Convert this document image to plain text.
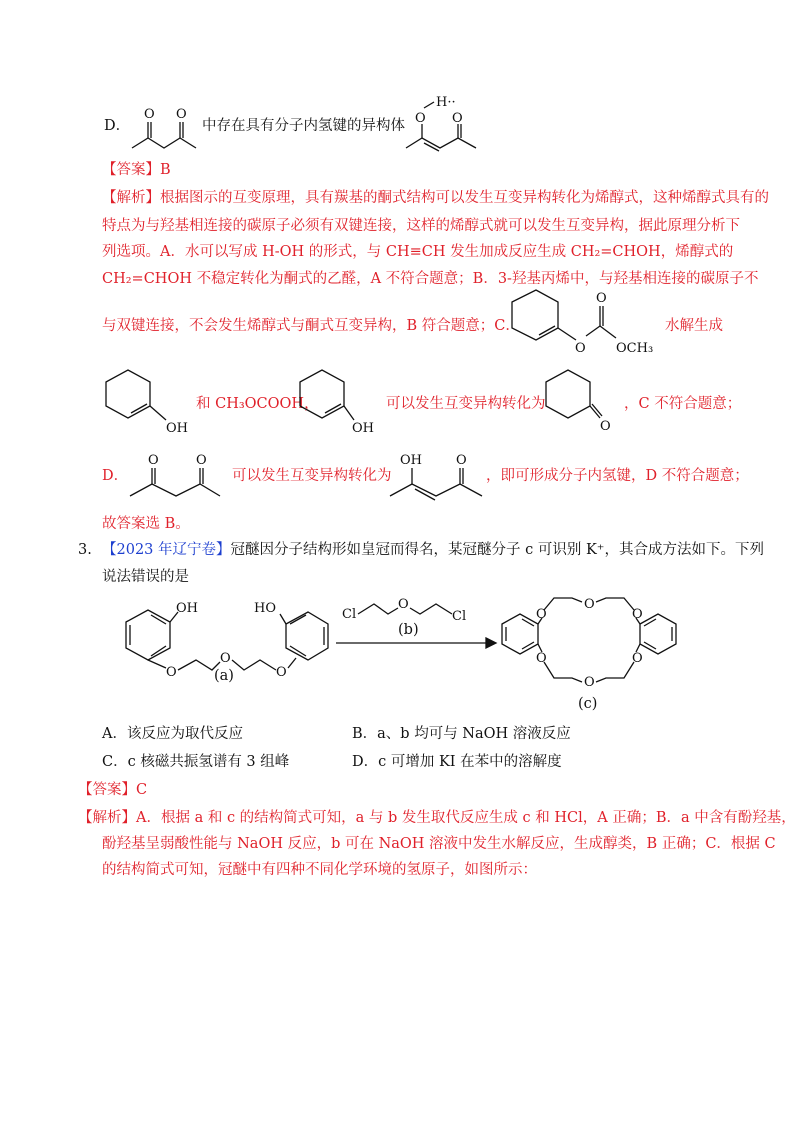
D．
O O
中存在具有分子内氢键的异构体
H··
O O
【答案】B
【解析】根据图示的互变原理，具有羰基的酮式结构可以发生互变异构转化为烯醇式，这种烯醇式具有的
特点为与羟基相连接的碳原子必须有双键连接，这样的烯醇式就可以发生互变异构，据此原理分析下
列选项。A．水可以写成 H-OH 的形式，与 CH≡CH 发生加成反应生成 CH₂=CHOH，烯醇式的
CH₂=CHOH 不稳定转化为酮式的乙醛，A 不符合题意；B．3-羟基丙烯中，与羟基相连接的碳原子不
与双键连接，不会发生烯醇式与酮式互变异构，B 符合题意；C．
O
O
OCH₃
水解生成
OH
和 CH₃OCOOH，
OH
可以发生互变异构转化为
O
，C 不符合题意；
D．
O	O
可以发生互变异构转化为
OH	O
，即可形成分子内氢键，D 不符合题意；
故答案选 B。
3. 【2023 年辽宁卷】冠醚因分子结构形如皇冠而得名，某冠醚分子 c 可识别 K⁺，其合成方法如下。下列
说法错误的是
OH
O
O
O
HO
(a)
Cl
O
Cl
(b)
O
O
O
O
O
O
(c)
A．该反应为取代反应	B．a、b 均可与 NaOH 溶液反应
C．c 核磁共振氢谱有 3 组峰	D．c 可增加 KI 在苯中的溶解度
【答案】C
【解析】A．根据 a 和 c 的结构简式可知，a 与 b 发生取代反应生成 c 和 HCl，A 正确；B．a 中含有酚羟基，
酚羟基呈弱酸性能与 NaOH 反应，b 可在 NaOH 溶液中发生水解反应，生成醇类，B 正确；C．根据 C
的结构简式可知，冠醚中有四种不同化学环境的氢原子，如图所示：
